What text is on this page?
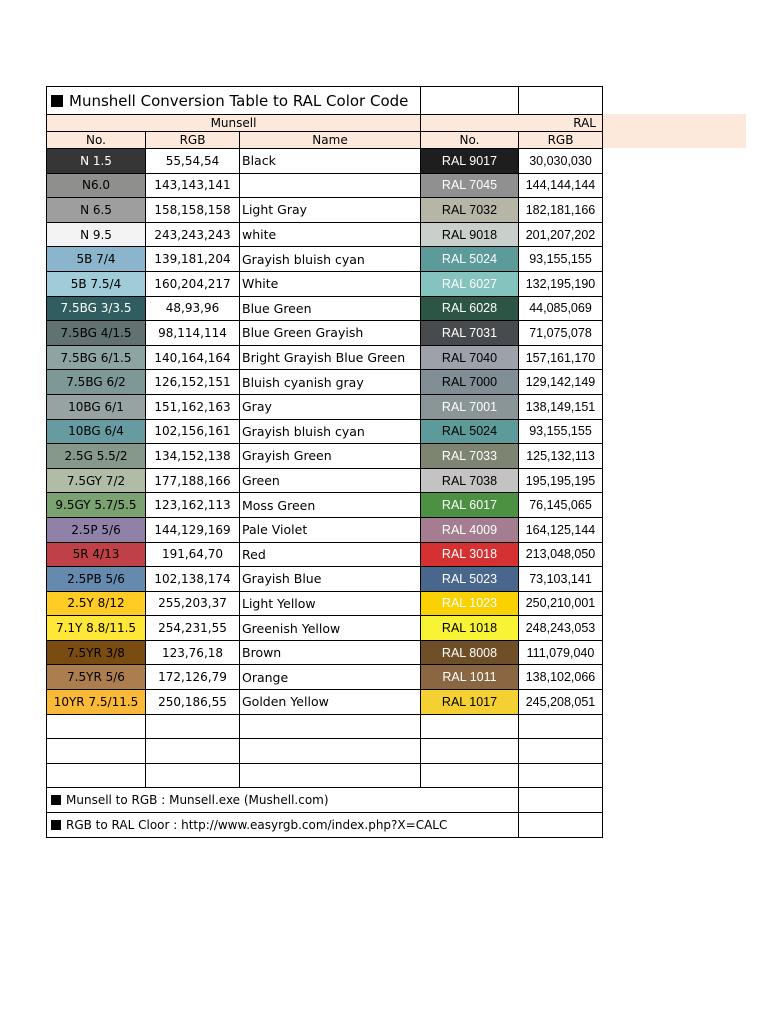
Munshell Conversion Table to RAL Color Code				
Munsell			RAL	
No.	RGB	Name	No.	RGB
N 1.5	55,54,54	Black	RAL 9017	30,030,030
N6.0	143,143,141		RAL 7045	144,144,144
N 6.5	158,158,158	Light Gray	RAL 7032	182,181,166
N 9.5	243,243,243	white	RAL 9018	201,207,202
5B 7/4	139,181,204	Grayish bluish cyan	RAL 5024	93,155,155
5B 7.5/4	160,204,217	White	RAL 6027	132,195,190
7.5BG 3/3.5	48,93,96	Blue Green	RAL 6028	44,085,069
7.5BG 4/1.5	98,114,114	Blue Green Grayish	RAL 7031	71,075,078
7.5BG 6/1.5	140,164,164	Bright Grayish Blue Green	RAL 7040	157,161,170
7.5BG 6/2	126,152,151	Bluish cyanish gray	RAL 7000	129,142,149
10BG 6/1	151,162,163	Gray	RAL 7001	138,149,151
10BG 6/4	102,156,161	Grayish bluish cyan	RAL 5024	93,155,155
2.5G 5.5/2	134,152,138	Grayish Green	RAL 7033	125,132,113
7.5GY 7/2	177,188,166	Green	RAL 7038	195,195,195
9.5GY 5.7/5.5	123,162,113	Moss Green	RAL 6017	76,145,065
2.5P 5/6	144,129,169	Pale Violet	RAL 4009	164,125,144
5R 4/13	191,64,70	Red	RAL 3018	213,048,050
2.5PB 5/6	102,138,174	Grayish Blue	RAL 5023	73,103,141
2.5Y 8/12	255,203,37	Light Yellow	RAL 1023	250,210,001
7.1Y 8.8/11.5	254,231,55	Greenish Yellow	RAL 1018	248,243,053
7.5YR 3/8	123,76,18	Brown	RAL 8008	111,079,040
7.5YR 5/6	172,126,79	Orange	RAL 1011	138,102,066
10YR 7.5/11.5	250,186,55	Golden Yellow	RAL 1017	245,208,051

Munsell to RGB : Munsell.exe (Mushell.com)				
RGB to RAL Cloor : http://www.easyrgb.com/index.php?X=CALC				
